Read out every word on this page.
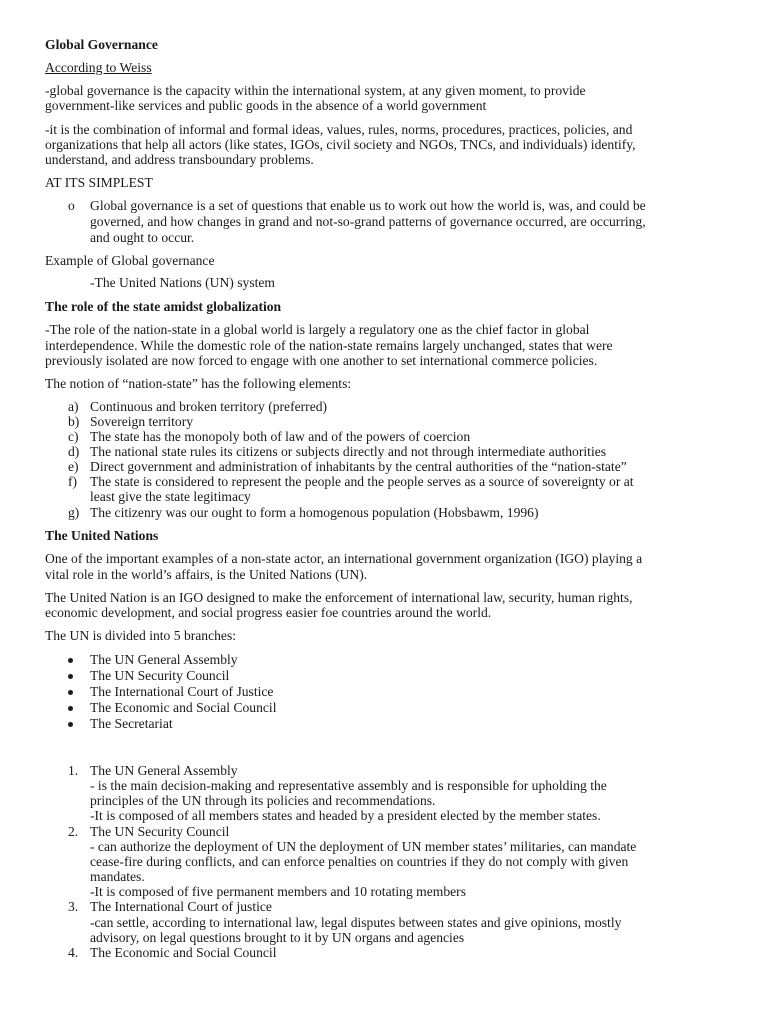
Global Governance
According to Weiss
-global governance is the capacity within the international system, at any given moment, to provide
government-like services and public goods in the absence of a world government
-it is the combination of informal and formal ideas, values, rules, norms, procedures, practices, policies, and
organizations that help all actors (like states, IGOs, civil society and NGOs, TNCs, and individuals) identify,
understand, and address transboundary problems.
AT ITS SIMPLEST
o Global governance is a set of questions that enable us to work out how the world is, was, and could be
governed, and how changes in grand and not-so-grand patterns of governance occurred, are occurring,
and ought to occur.
Example of Global governance
-The United Nations (UN) system
The role of the state amidst globalization
-The role of the nation-state in a global world is largely a regulatory one as the chief factor in global
interdependence. While the domestic role of the nation-state remains largely unchanged, states that were
previously isolated are now forced to engage with one another to set international commerce policies.
The notion of “nation-state” has the following elements:
a) Continuous and broken territory (preferred)
b) Sovereign territory
c) The state has the monopoly both of law and of the powers of coercion
d) The national state rules its citizens or subjects directly and not through intermediate authorities
e) Direct government and administration of inhabitants by the central authorities of the “nation-state”
f) The state is considered to represent the people and the people serves as a source of sovereignty or at
least give the state legitimacy
g) The citizenry was our ought to form a homogenous population (Hobsbawm, 1996)
The United Nations
One of the important examples of a non-state actor, an international government organization (IGO) playing a
vital role in the world’s affairs, is the United Nations (UN).
The United Nation is an IGO designed to make the enforcement of international law, security, human rights,
economic development, and social progress easier foe countries around the world.
The UN is divided into 5 branches:
The UN General Assembly
The UN Security Council
The International Court of Justice
The Economic and Social Council
The Secretariat
1. The UN General Assembly
- is the main decision-making and representative assembly and is responsible for upholding the
principles of the UN through its policies and recommendations.
-It is composed of all members states and headed by a president elected by the member states.
2. The UN Security Council
- can authorize the deployment of UN the deployment of UN member states’ militaries, can mandate
cease-fire during conflicts, and can enforce penalties on countries if they do not comply with given
mandates.
-It is composed of five permanent members and 10 rotating members
3. The International Court of justice
-can settle, according to international law, legal disputes between states and give opinions, mostly
advisory, on legal questions brought to it by UN organs and agencies
4. The Economic and Social Council
